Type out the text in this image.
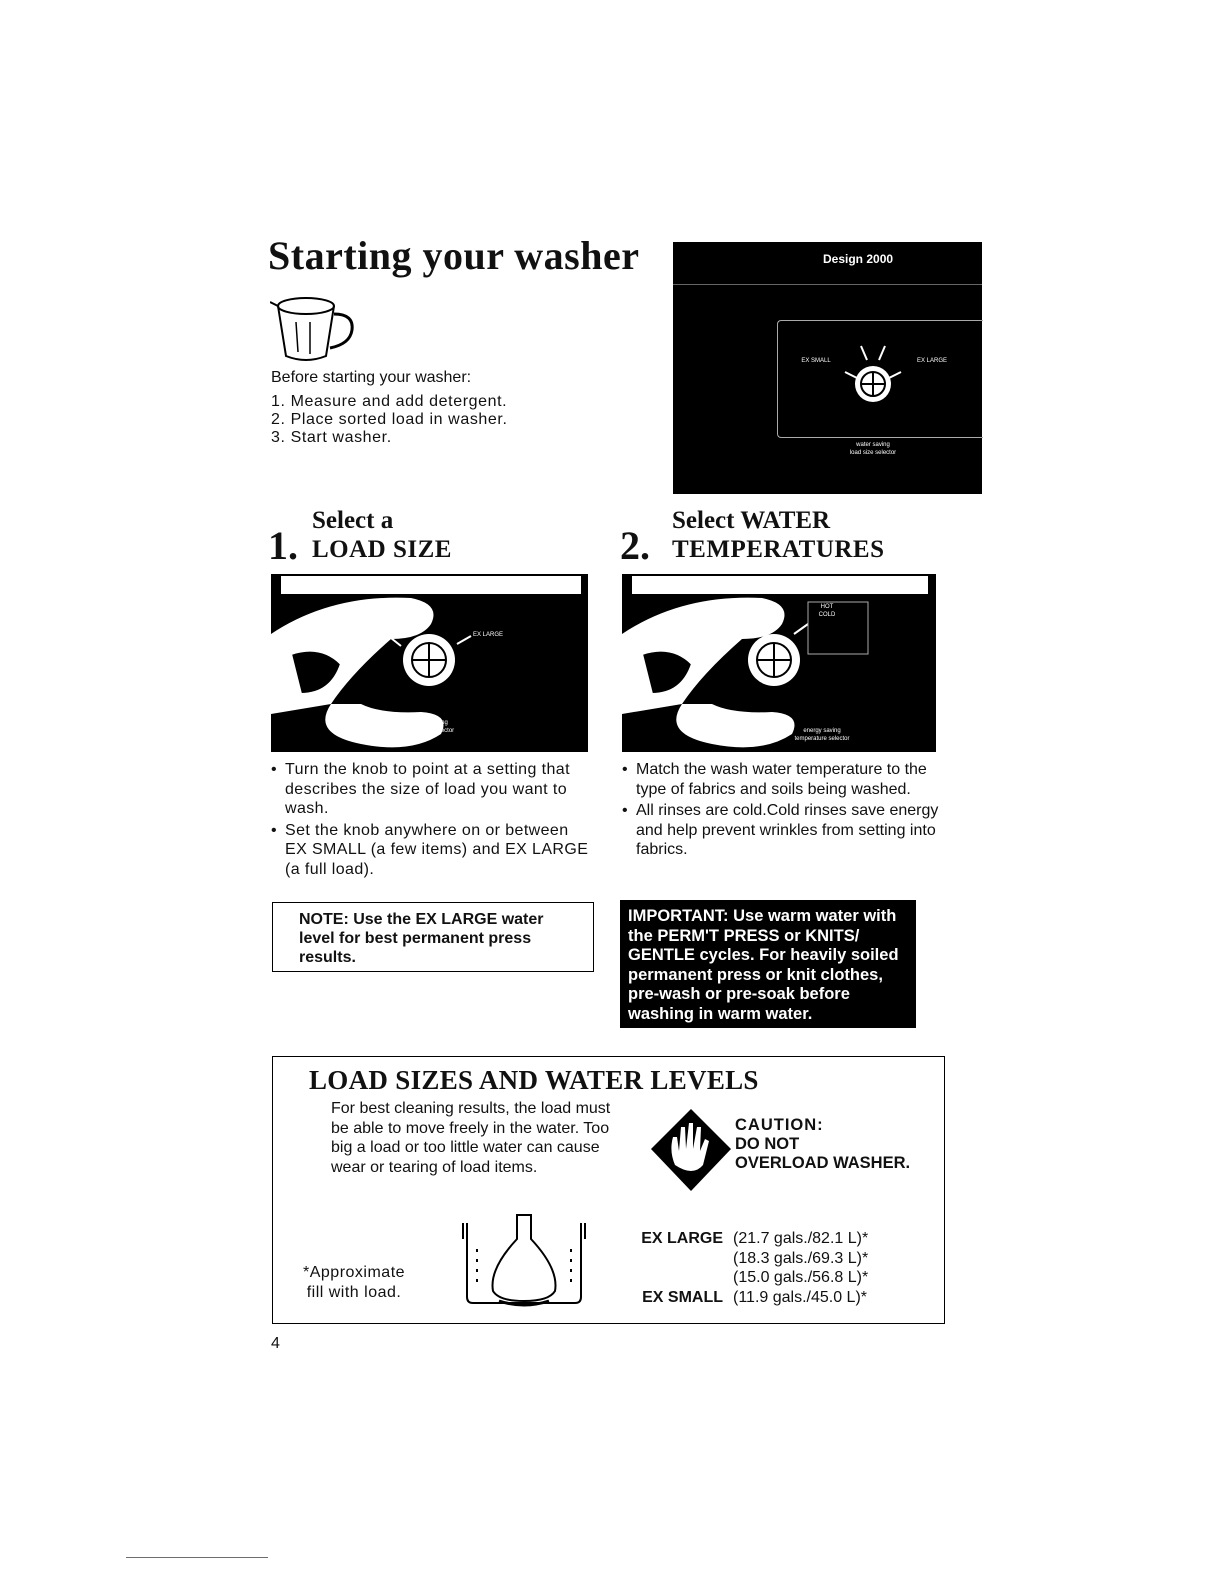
Starting your washer
Before starting your washer:
1. Measure and add detergent.
2. Place sorted load in washer.
3. Start washer.
Design 2000
EX SMALL	EX LARGE
water saving
load size selector
1.
Select a
LOAD SIZE	2.
Select WATER
TEMPERATURES
EX LARGE
water saving
load size selector
HOT
COLD
energy saving
temperature selector
• Turn the knob to point at a setting that describes the size of load you want to wash.
• Set the knob anywhere on or between EX SMALL (a few items) and EX LARGE (a full load).
• Match the wash water temperature to the type of fabrics and soils being washed.
• All rinses are cold.Cold rinses save energy and help prevent wrinkles from setting into fabrics.
NOTE: Use the EX LARGE water level for best permanent press results.
IMPORTANT: Use warm water with the PERM'T PRESS or KNITS/ GENTLE cycles. For heavily soiled permanent press or knit clothes, pre-wash or pre-soak before washing in warm water.
LOAD SIZES AND WATER LEVELS
For best cleaning results, the load must be able to move freely in the water. Too big a load or too little water can cause wear or tearing of load items.
CAUTION:
DO NOT
OVERLOAD WASHER.
*Approximate
fill with load.
EX LARGE (21.7 gals./82.1 L)*
(18.3 gals./69.3 L)*
(15.0 gals./56.8 L)*
EX SMALL (11.9 gals./45.0 L)*
4
